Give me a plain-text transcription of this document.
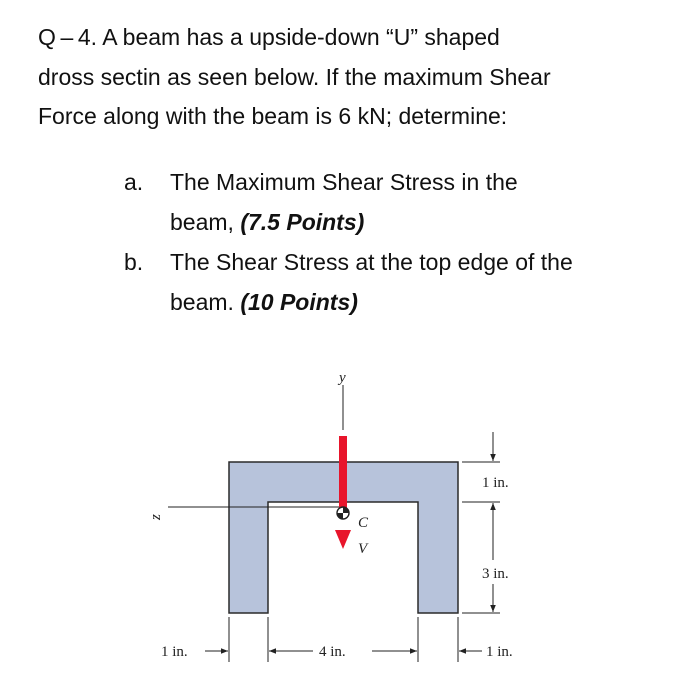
Q – 4. A beam has a upside-down “U” shaped

dross sectin as seen below. If the maximum Shear

Force along with the beam is 6 kN; determine:

a. The Maximum Shear Stress in the
beam, (7.5 Points)
b. The Shear Stress at the top edge of the
beam. (10 Points)
y
z	C
V
1 in.
3 in.
1 in.	4 in.	1 in.
